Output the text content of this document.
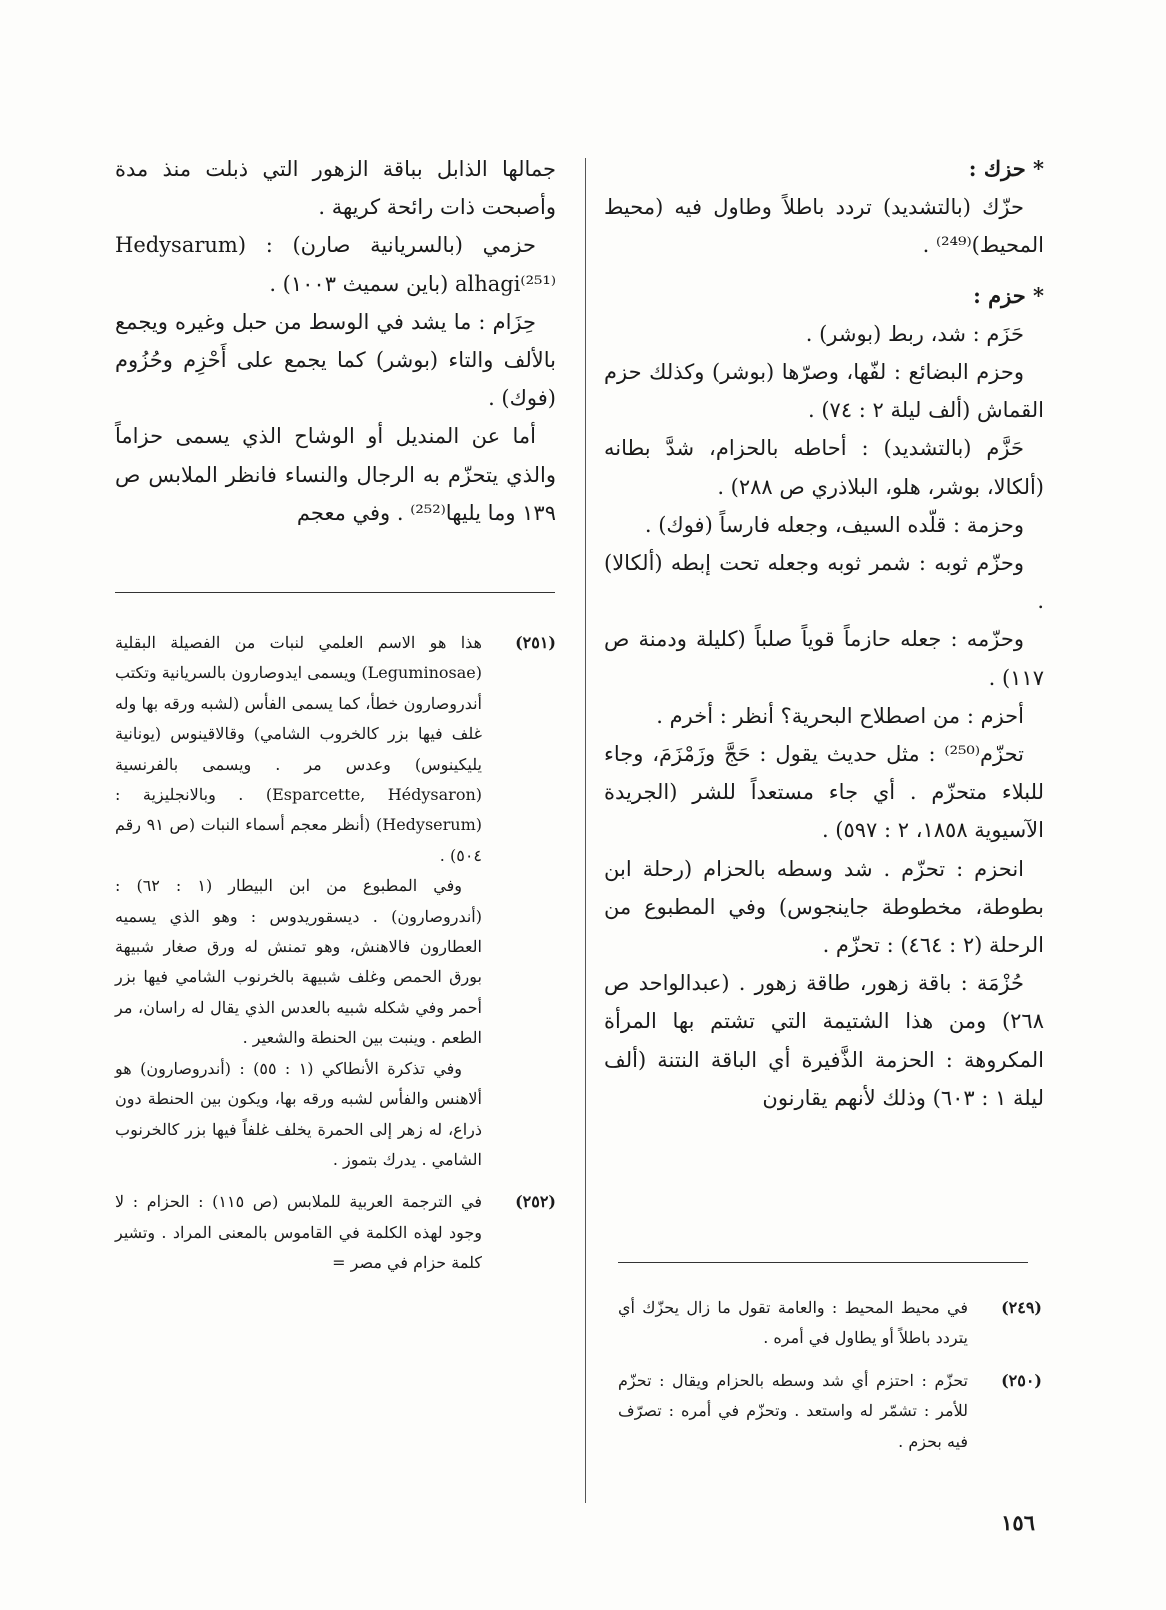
* حزك :

حزّك (بالتشديد) تردد باطلاً وطاول فيه (محيط المحيط)⁽²⁴⁹⁾ .

* حزم :

حَزَم : شد، ربط (بوشر) .

وحزم البضائع : لفّها، وصرّها (بوشر) وكذلك حزم القماش (ألف ليلة ٢ : ٧٤) .

حَزَّم (بالتشديد) : أحاطه بالحزام، شدَّ بطانه (ألكالا، بوشر، هلو، البلاذري ص ٢٨٨) .

وحزمة : قلّده السيف، وجعله فارساً (فوك) .

وحزّم ثوبه : شمر ثوبه وجعله تحت إبطه (ألكالا) .

وحزّمه : جعله حازماً قوياً صلباً (كليلة ودمنة ص ١١٧) .

أحزم : من اصطلاح البحرية؟ أنظر : أخرم .

تحزّم⁽²⁵⁰⁾ : مثل حديث يقول : حَجَّ وزَمْزَمَ، وجاء للبلاء متحزّم . أي جاء مستعداً للشر (الجريدة الآسيوية ١٨٥٨، ٢ : ٥٩٧) .

انحزم : تحزّم . شد وسطه بالحزام (رحلة ابن بطوطة، مخطوطة جاينجوس) وفي المطبوع من الرحلة (٢ : ٤٦٤) : تحزّم .

حُزْمَة : باقة زهور، طاقة زهور . (عبدالواحد ص ٢٦٨) ومن هذا الشتيمة التي تشتم بها المرأة المكروهة : الحزمة الذَّفيرة أي الباقة النتنة (ألف ليلة ١ : ٦٠٣) وذلك لأنهم يقارنون

جمالها الذابل بباقة الزهور التي ذبلت منذ مدة وأصبحت ذات رائحة كريهة .

حزمي (بالسريانية صارن) : Hedysarum) alhagi⁽²⁵¹⁾ (باين سميث ١٠٠٣) .

حِزَام : ما يشد في الوسط من حبل وغيره ويجمع بالألف والتاء (بوشر) كما يجمع على أَحْزِم وحُزُوم (فوك) .

أما عن المنديل أو الوشاح الذي يسمى حزاماً والذي يتحزّم به الرجال والنساء فانظر الملابس ص ١٣٩ وما يليها⁽²⁵²⁾ . وفي معجم

(٢٤٩)

في محيط المحيط : والعامة تقول ما زال يحزّك أي يتردد باطلاً أو يطاول في أمره .

(٢٥٠)

تحزّم : احتزم أي شد وسطه بالحزام ويقال : تحزّم للأمر : تشمّر له واستعد . وتحزّم في أمره : تصرّف فيه بحزم .

(٢٥١)

هذا هو الاسم العلمي لنبات من الفصيلة البقلية (Leguminosae) ويسمى ايدوصارون بالسريانية وتكتب أندروصارون خطأ، كما يسمى الفأس (لشبه ورقه بها وله غلف فيها بزر كالخروب الشامي) وقالاقينوس (يونانية يليكينوس) وعدس مر . ويسمى بالفرنسية (Esparcette, Hédysaron) . وبالانجليزية : (Hedyserum) (أنظر معجم أسماء النبات (ص ٩١ رقم ٥٠٤) .

وفي المطبوع من ابن البيطار (١ : ٦٢) : (أندروصارون) . ديسقوريدوس : وهو الذي يسميه العطارون فالاهنش، وهو تمنش له ورق صغار شبيهة بورق الحمص وغلف شبيهة بالخرنوب الشامي فيها بزر أحمر وفي شكله شبيه بالعدس الذي يقال له راسان، مر الطعم . وينبت بين الحنطة والشعير .

وفي تذكرة الأنطاكي (١ : ٥٥) : (أندروصارون) هو ألاهنس والفأس لشبه ورقه بها، ويكون بين الحنطة دون ذراع، له زهر إلى الحمرة يخلف غلفاً فيها بزر كالخرنوب الشامي . يدرك بتموز .

(٢٥٢)

في الترجمة العربية للملابس (ص ١١٥) : الحزام : لا وجود لهذه الكلمة في القاموس بالمعنى المراد . وتشير كلمة حزام في مصر =

١٥٦
